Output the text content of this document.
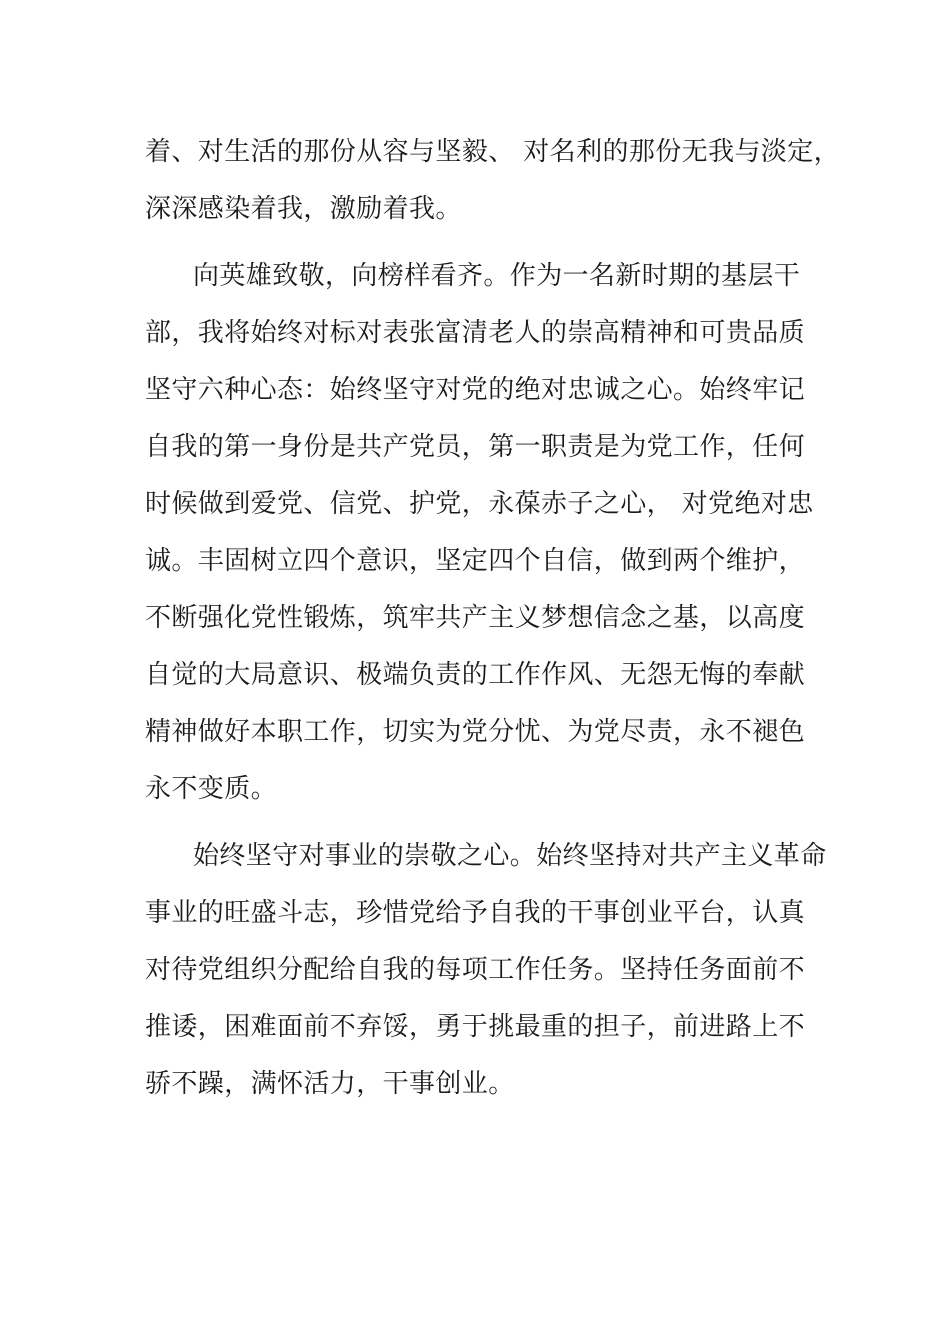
着、对生活的那份从容与坚毅、 对名利的那份无我与淡定，
深深感染着我，激励着我。
向英雄致敬，向榜样看齐。作为一名新时期的基层干
部，我将始终对标对表张富清老人的崇高精神和可贵品质
坚守六种心态：始终坚守对党的绝对忠诚之心。始终牢记
自我的第一身份是共产党员，第一职责是为党工作，任何
时候做到爱党、信党、护党，永葆赤子之心， 对党绝对忠
诚。丰固树立四个意识，坚定四个自信，做到两个维护，
不断强化党性锻炼，筑牢共产主义梦想信念之基，以高度
自觉的大局意识、极端负责的工作作风、无怨无悔的奉献
精神做好本职工作，切实为党分忧、为党尽责，永不褪色
永不变质。
始终坚守对事业的崇敬之心。始终坚持对共产主义革命
事业的旺盛斗志，珍惜党给予自我的干事创业平台，认真
对待党组织分配给自我的每项工作任务。坚持任务面前不
推诿，困难面前不弃馁，勇于挑最重的担子，前进路上不
骄不躁，满怀活力，干事创业。
